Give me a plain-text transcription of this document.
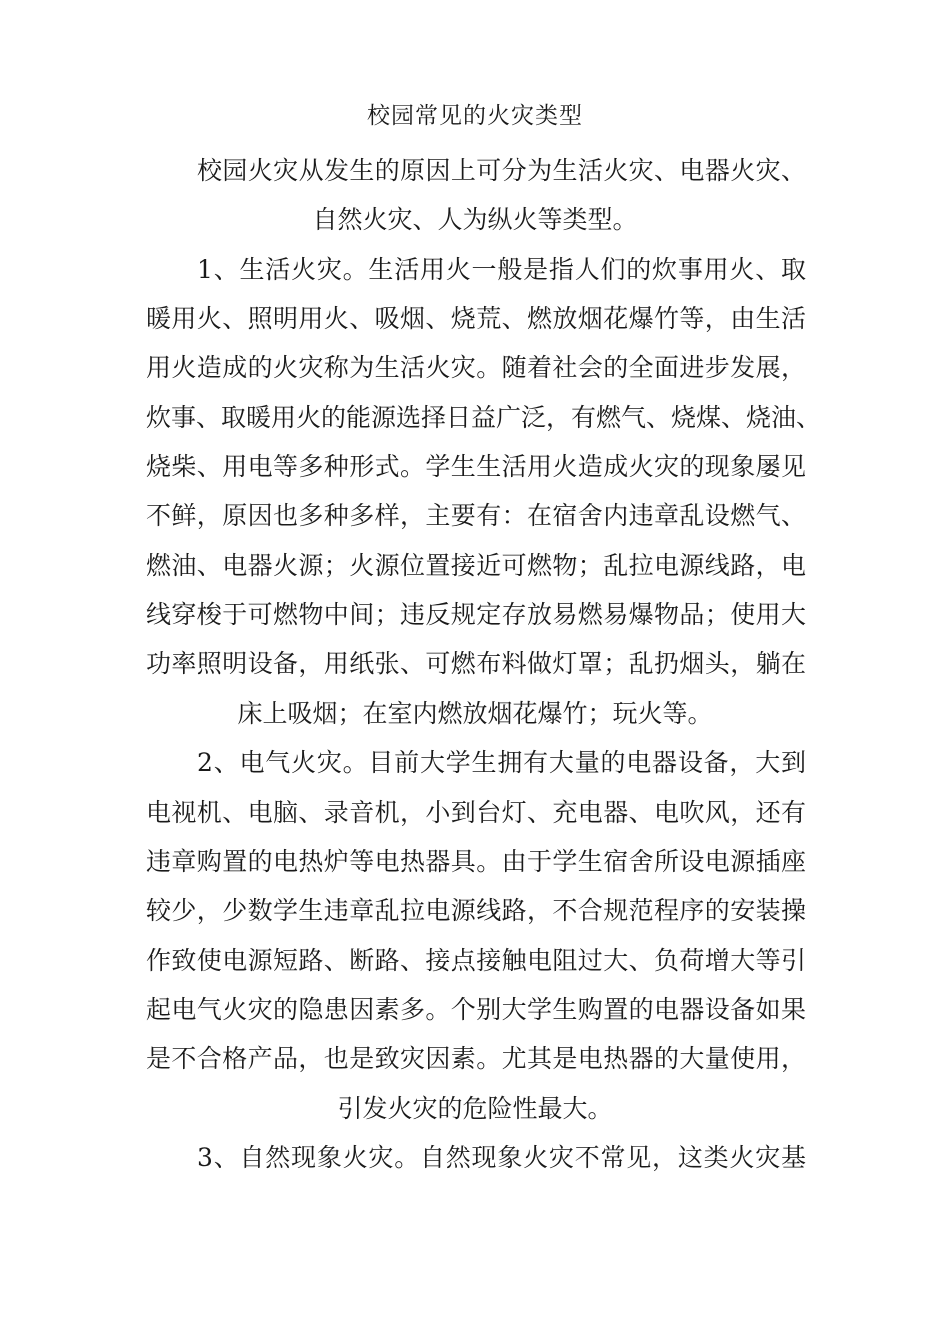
校园常见的火灾类型
校园火灾从发生的原因上可分为生活火灾、电器火灾、
自然火灾、人为纵火等类型。
1、生活火灾。生活用火一般是指人们的炊事用火、取
暖用火、照明用火、吸烟、烧荒、燃放烟花爆竹等，由生活
用火造成的火灾称为生活火灾。随着社会的全面进步发展，
炊事、取暖用火的能源选择日益广泛，有燃气、烧煤、烧油、
烧柴、用电等多种形式。学生生活用火造成火灾的现象屡见
不鲜，原因也多种多样，主要有：在宿舍内违章乱设燃气、
燃油、电器火源；火源位置接近可燃物；乱拉电源线路，电
线穿梭于可燃物中间；违反规定存放易燃易爆物品；使用大
功率照明设备，用纸张、可燃布料做灯罩；乱扔烟头，躺在
床上吸烟；在室内燃放烟花爆竹；玩火等。
2、电气火灾。目前大学生拥有大量的电器设备，大到
电视机、电脑、录音机，小到台灯、充电器、电吹风，还有
违章购置的电热炉等电热器具。由于学生宿舍所设电源插座
较少，少数学生违章乱拉电源线路，不合规范程序的安装操
作致使电源短路、断路、接点接触电阻过大、负荷增大等引
起电气火灾的隐患因素多。个别大学生购置的电器设备如果
是不合格产品，也是致灾因素。尤其是电热器的大量使用，
引发火灾的危险性最大。
3、自然现象火灾。自然现象火灾不常见，这类火灾基
